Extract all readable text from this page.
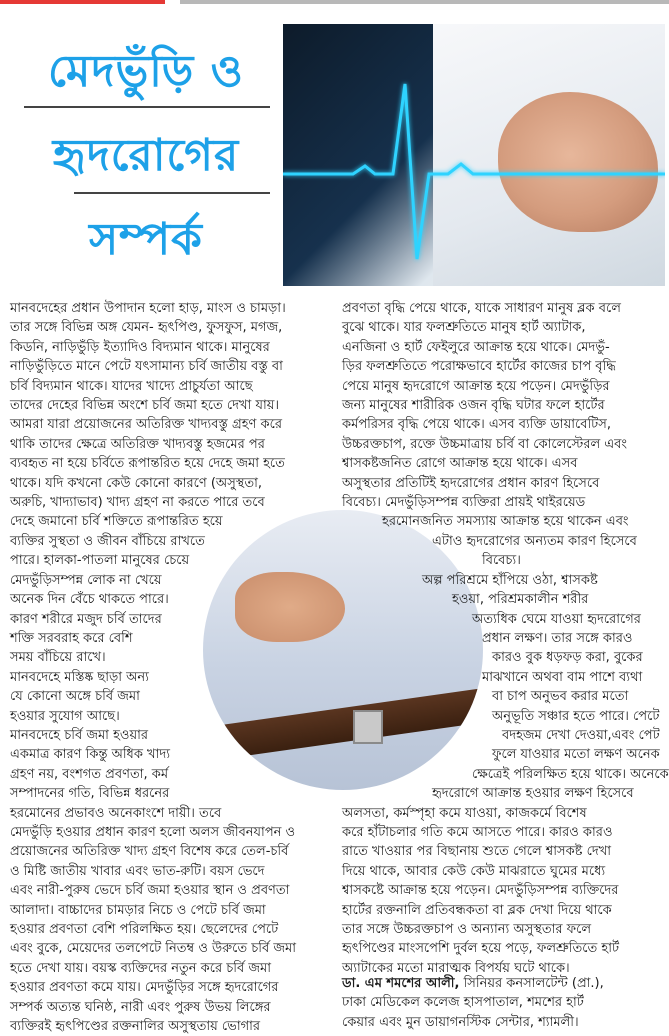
মেদভুঁড়ি ও
হৃদরোগের
সম্পর্ক
মানবদেহের প্রধান উপাদান হলো হাড়, মাংস ও চামড়া।
তার সঙ্গে বিভিন্ন অঙ্গ যেমন- হৃৎপিণ্ড, ফুসফুস, মগজ,
কিডনি, নাড়িভুঁড়ি ইত্যাদিও বিদ্যমান থাকে। মানুষের
নাড়িভুঁড়িতে মানে পেটে যৎসামান্য চর্বি জাতীয় বস্তু বা
চর্বি বিদ্যমান থাকে। যাদের খাদ্যে প্রাচুর্যতা আছে
তাদের দেহের বিভিন্ন অংশে চর্বি জমা হতে দেখা যায়।
আমরা যারা প্রয়োজনের অতিরিক্ত খাদ্যবস্তু গ্রহণ করে
থাকি তাদের ক্ষেত্রে অতিরিক্ত খাদ্যবস্তু হজমের পর
ব্যবহৃত না হয়ে চর্বিতে রূপান্তরিত হয়ে দেহে জমা হতে
থাকে। যদি কখনো কেউ কোনো কারণে (অসুস্থতা,
অরুচি, খাদ্যাভাব) খাদ্য গ্রহণ না করতে পারে তবে
দেহে জমানো চর্বি শক্তিতে রূপান্তরিত হয়ে
ব্যক্তির সুস্থতা ও জীবন বাঁচিয়ে রাখতে
পারে। হালকা-পাতলা মানুষের চেয়ে
মেদভুঁড়িসম্পন্ন লোক না খেয়ে
অনেক দিন বেঁচে থাকতে পারে।
কারণ শরীরে মজুদ চর্বি তাদের
শক্তি সরবরাহ করে বেশি
সময় বাঁচিয়ে রাখে।
মানবদেহে মস্তিষ্ক ছাড়া অন্য
যে কোনো অঙ্গে চর্বি জমা
হওয়ার সুযোগ আছে।
মানবদেহে চর্বি জমা হওয়ার
একমাত্র কারণ কিন্তু অধিক খাদ্য
গ্রহণ নয়, বংশগত প্রবণতা, কর্ম
সম্পাদনের গতি, বিভিন্ন ধরনের
হরমোনের প্রভাবও অনেকাংশে দায়ী। তবে
মেদভুঁড়ি হওয়ার প্রধান কারণ হলো অলস জীবনযাপন ও
প্রয়োজনের অতিরিক্ত খাদ্য গ্রহণ বিশেষ করে তেল-চর্বি
ও মিষ্টি জাতীয় খাবার এবং ভাত-রুটি। বয়স ভেদে
এবং নারী-পুরুষ ভেদে চর্বি জমা হওয়ার স্থান ও প্রবণতা
আলাদা। বাচ্চাদের চামড়ার নিচে ও পেটে চর্বি জমা
হওয়ার প্রবণতা বেশি পরিলক্ষিত হয়। ছেলেদের পেটে
এবং বুকে, মেয়েদের তলপেটে নিতম্ব ও উরুতে চর্বি জমা
হতে দেখা যায়। বয়স্ক ব্যক্তিদের নতুন করে চর্বি জমা
হওয়ার প্রবণতা কমে যায়। মেদভুঁড়ির সঙ্গে হৃদরোগের
সম্পর্ক অত্যন্ত ঘনিষ্ঠ, নারী এবং পুরুষ উভয় লিঙ্গের
ব্যক্তিরই হৃৎপিণ্ডের রক্তনালির অসুস্থতায় ভোগার
প্রবণতা বৃদ্ধি পেয়ে থাকে, যাকে সাধারণ মানুষ ব্লক বলে
বুঝে থাকে। যার ফলশ্রুতিতে মানুষ হার্ট অ্যাটাক,
এনজিনা ও হার্ট ফেইলুরে আক্রান্ত হয়ে থাকে। মেদভুঁ-
ড়ির ফলশ্রুতিতে পরোক্ষভাবে হার্টের কাজের চাপ বৃদ্ধি
পেয়ে মানুষ হৃদরোগে আক্রান্ত হয়ে পড়েন। মেদভুঁড়ির
জন্য মানুষের শারীরিক ওজন বৃদ্ধি ঘটার ফলে হার্টের
কর্মপরিসর বৃদ্ধি পেয়ে থাকে। এসব ব্যক্তি ডায়াবেটিস,
উচ্চরক্তচাপ, রক্তে উচ্চমাত্রায় চর্বি বা কোলেস্টেরল এবং
শ্বাসকষ্টজনিত রোগে আক্রান্ত হয়ে থাকে। এসব
অসুস্থতার প্রতিটিই হৃদরোগের প্রধান কারণ হিসেবে
বিবেচ্য। মেদভুঁড়িসম্পন্ন ব্যক্তিরা প্রায়ই থাইরয়েড
হরমোনজনিত সমস্যায় আক্রান্ত হয়ে থাকেন এবং
এটাও হৃদরোগের অন্যতম কারণ হিসেবে
বিবেচ্য।
অল্প পরিশ্রমে হাঁপিয়ে ওঠা, শ্বাসকষ্ট
হওয়া, পরিশ্রমকালীন শরীর
অত্যধিক ঘেমে যাওয়া হৃদরোগের
প্রধান লক্ষণ। তার সঙ্গে কারও
কারও বুক ধড়ফড় করা, বুকের
মাঝখানে অথবা বাম পাশে ব্যথা
বা চাপ অনুভব করার মতো
অনুভূতি সঞ্চার হতে পারে। পেটে
বদহজম দেখা দেওয়া,এবং পেট
ফুলে যাওয়ার মতো লক্ষণ অনেক
ক্ষেত্রেই পরিলক্ষিত হয়ে থাকে। অনেকে
হৃদরোগে আক্রান্ত হওয়ার লক্ষণ হিসেবে
অলসতা, কর্মস্পৃহা কমে যাওয়া, কাজকর্মে বিশেষ
করে হাঁটাচলার গতি কমে আসতে পারে। কারও কারও
রাতে খাওয়ার পর বিছানায় শুতে গেলে শ্বাসকষ্ট দেখা
দিয়ে থাকে, আবার কেউ কেউ মাঝরাতে ঘুমের মধ্যে
শ্বাসকষ্টে আক্রান্ত হয়ে পড়েন। মেদভুঁড়িসম্পন্ন ব্যক্তিদের
হার্টের রক্তনালি প্রতিবন্ধকতা বা ব্লক দেখা দিয়ে থাকে
তার সঙ্গে উচ্চরক্তচাপ ও অন্যান্য অসুস্থতার ফলে
হৃৎপিণ্ডের মাংসপেশি দুর্বল হয়ে পড়ে, ফলশ্রুতিতে হার্ট
অ্যাটাকের মতো মারাত্মক বিপর্যয় ঘটে থাকে।
ডা. এম শমশের আলী, সিনিয়র কনসালটেন্ট (প্রা.),
ঢাকা মেডিকেল কলেজ হাসপাতাল, শমশের হার্ট
কেয়ার এবং মুন ডায়াগনস্টিক সেন্টার, শ্যামলী।
